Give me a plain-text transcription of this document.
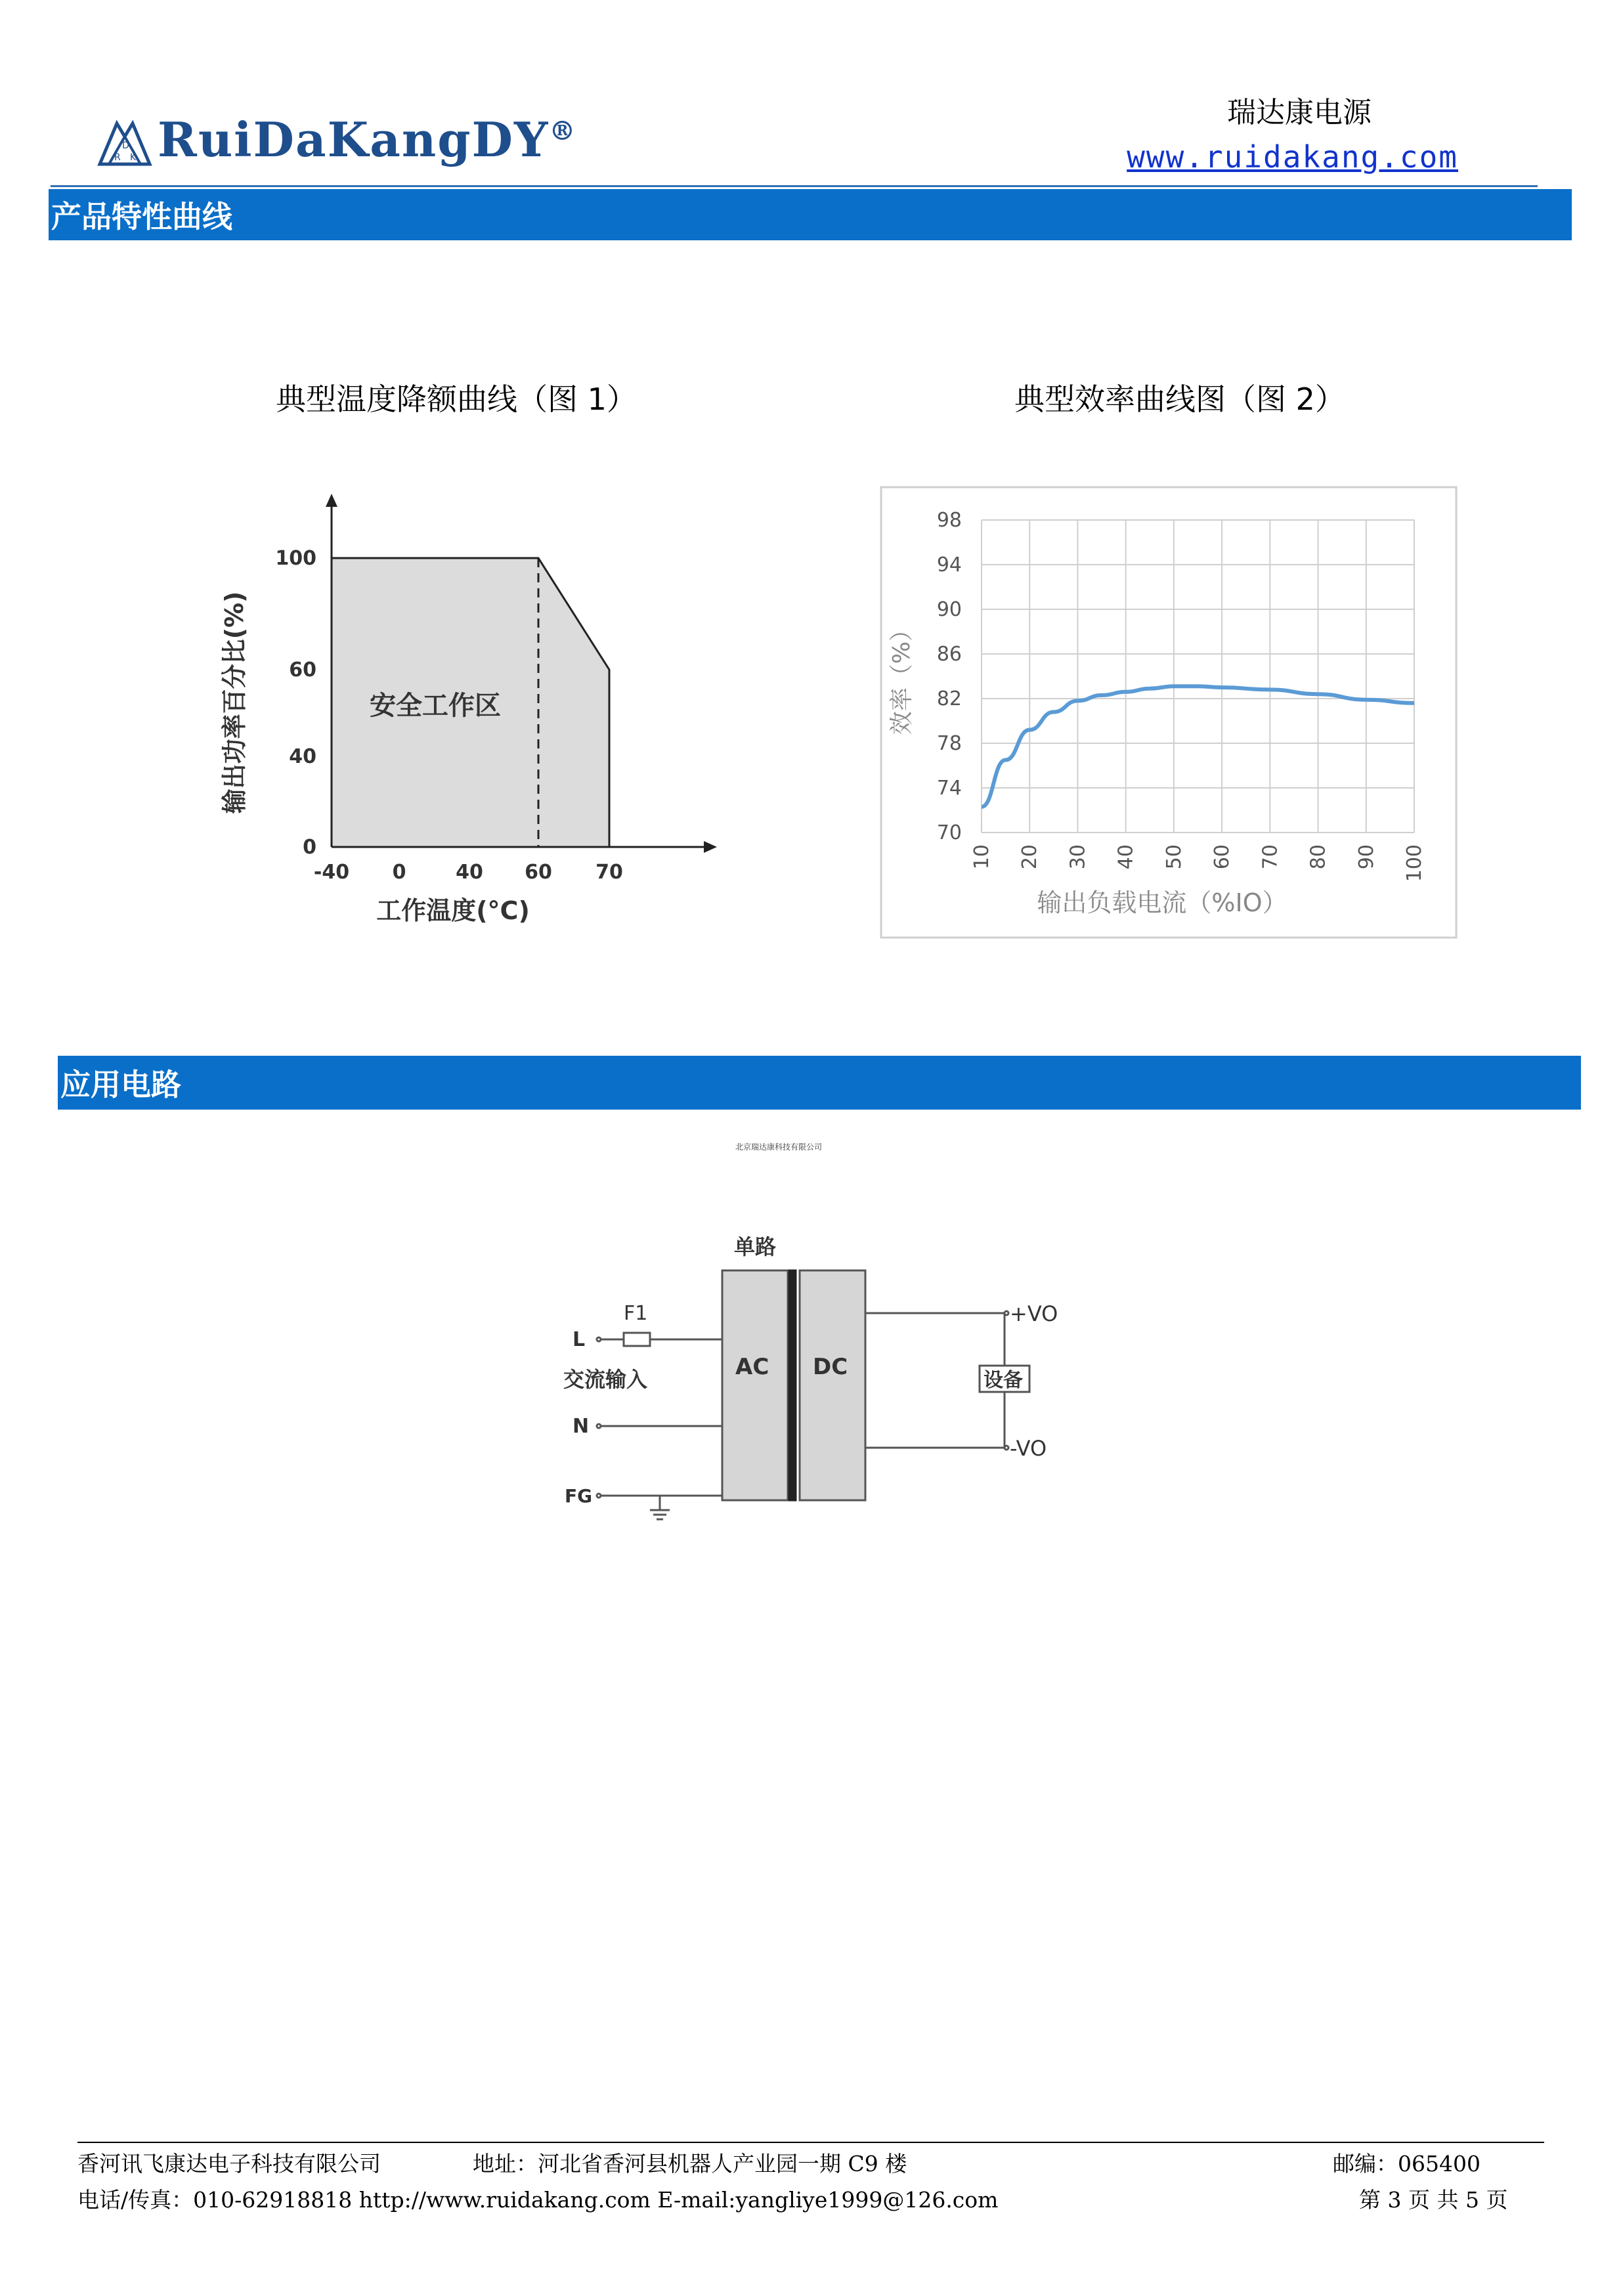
R
D
K RuiDaKangDY®
瑞达康电源
www.ruidakang.com
产品特性曲线
典型温度降额曲线（图 1）	典型效率曲线图（图 2）
-40 0	40 60 70
0
40
60
100
工作温度(°C)
输出功率百分比(%)	安全工作区
10 20 30 40 50 60 70 80 90 100
98
94
90
86
82
78
74
70
效率（%）
输出负载电流（%IO）
应用电路
北京瑞达康科技有限公司
单路
F1
L
交流输入
N
FG
AC DC
+VO
-VO
设备
香河讯飞康达电子科技有限公司	地址：河北省香河县机器人产业园一期 C9 楼	邮编：065400
电话/传真：010-62918818 http://www.ruidakang.com E-mail:yangliye1999@126.com	第 3 页 共 5 页
